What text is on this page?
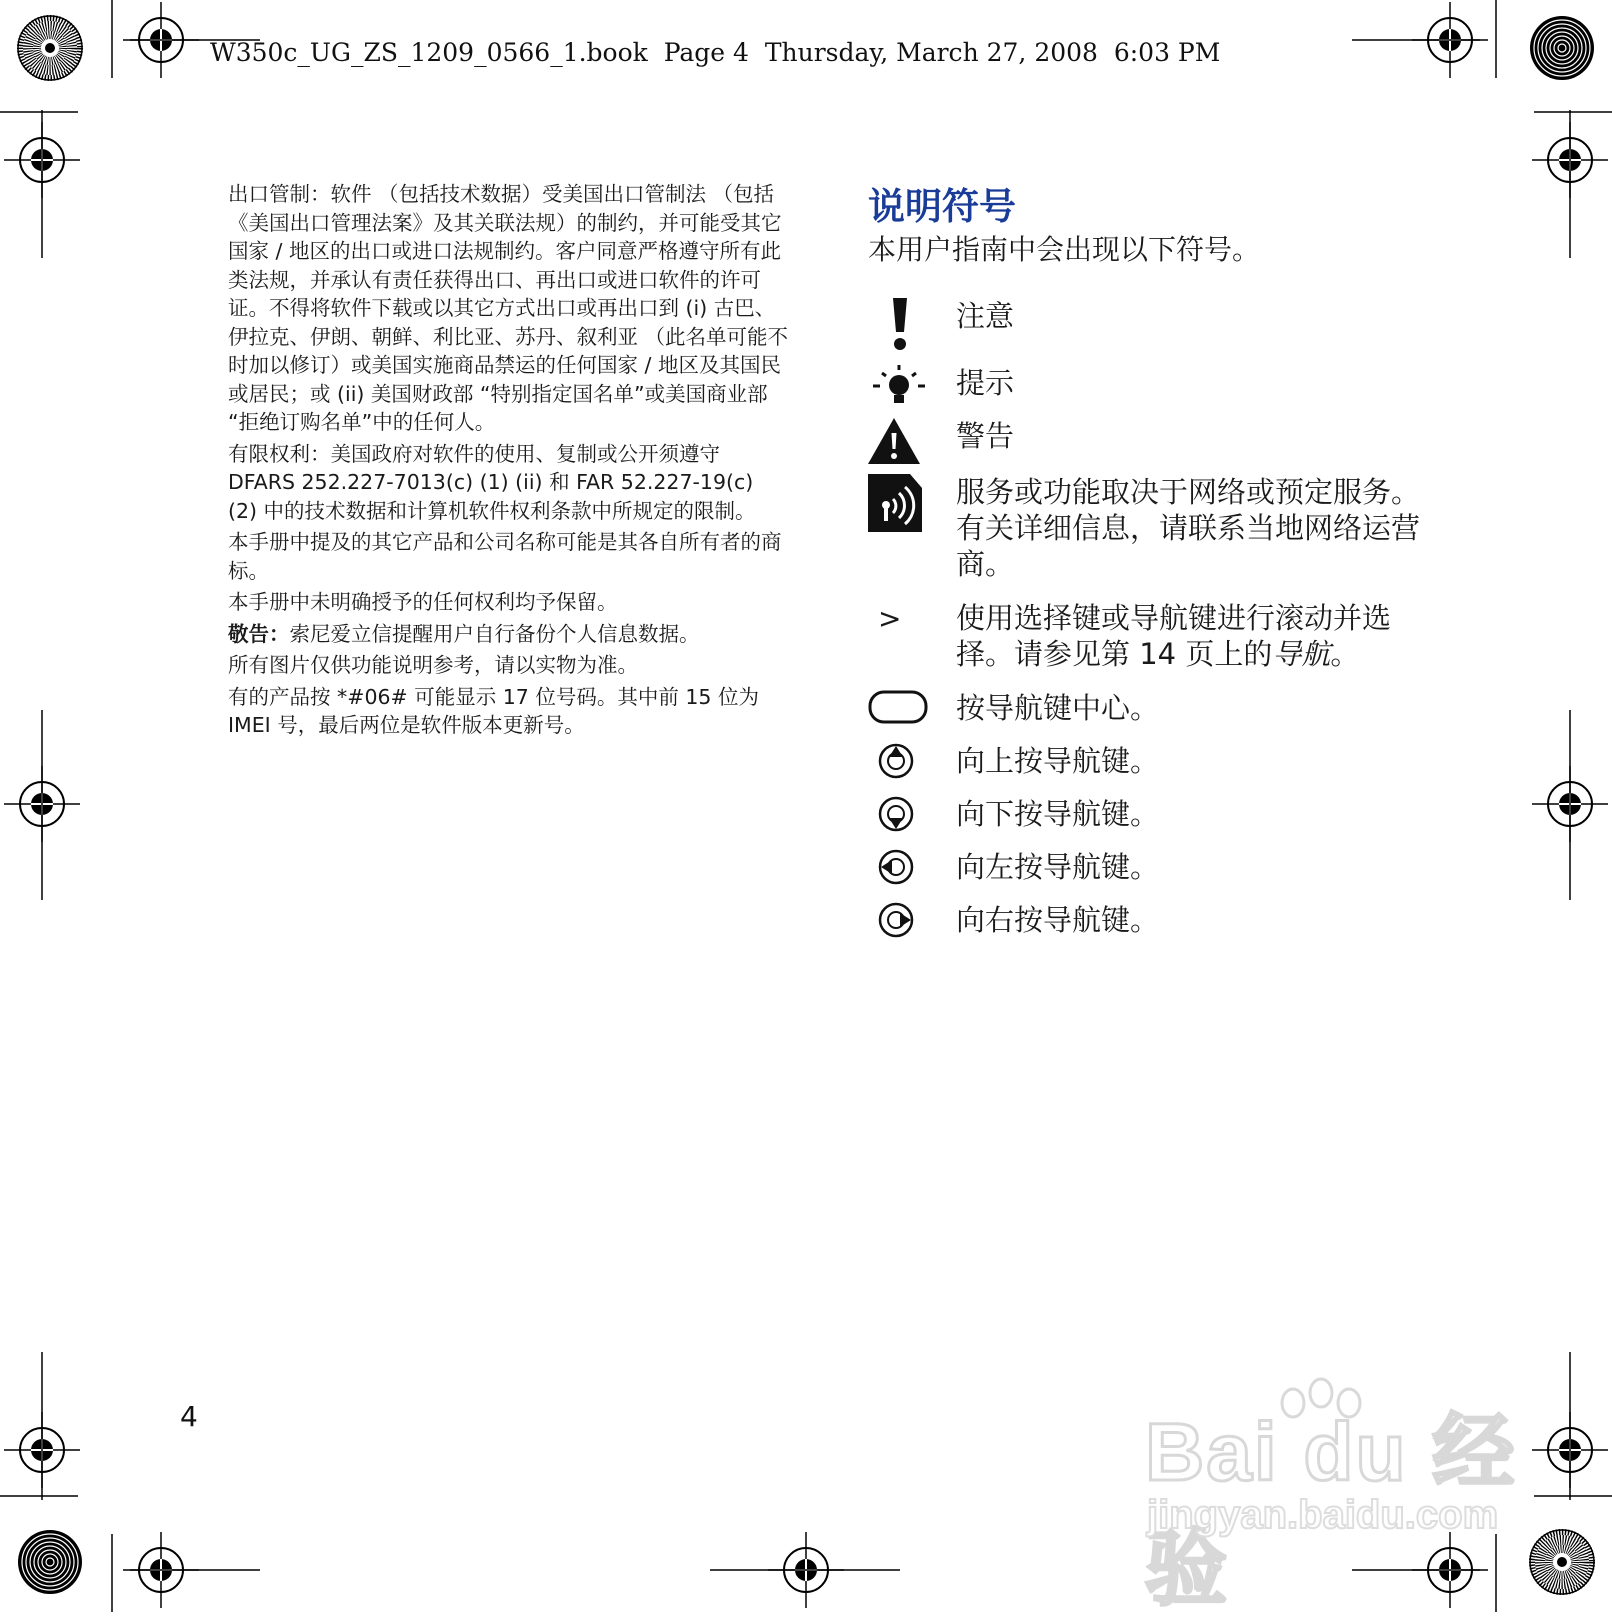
W350c_UG_ZS_1209_0566_1.book  Page 4  Thursday, March 27, 2008  6:03 PM

出口管制：软件 （包括技术数据）受美国出口管制法 （包括 《美国出口管理法案》及其关联法规）的制约，并可能受其它国家 / 地区的出口或进口法规制约。客户同意严格遵守所有此类法规，并承认有责任获得出口、再出口或进口软件的许可证。不得将软件下载或以其它方式出口或再出口到 (i) 古巴、伊拉克、伊朗、朝鲜、利比亚、苏丹、叙利亚 （此名单可能不时加以修订）或美国实施商品禁运的任何国家 / 地区及其国民或居民；或 (ii) 美国财政部 “特别指定国名单”或美国商业部 “拒绝订购名单”中的任何人。

有限权利：美国政府对软件的使用、复制或公开须遵守 DFARS 252.227-7013(c) (1) (ii) 和 FAR 52.227-19(c) (2) 中的技术数据和计算机软件权利条款中所规定的限制。

本手册中提及的其它产品和公司名称可能是其各自所有者的商标。

本手册中未明确授予的任何权利均予保留。

敬告：索尼爱立信提醒用户自行备份个人信息数据。

所有图片仅供功能说明参考，请以实物为准。

有的产品按 *#06# 可能显示 17 位号码。其中前 15 位为 IMEI 号，最后两位是软件版本更新号。

说明符号

本用户指南中会出现以下符号。

注意
提示
警告
服务或功能取决于网络或预定服务。有关详细信息，请联系当地网络运营商。
> 使用选择键或导航键进行滚动并选择。请参见第 14 页上的导航。
按导航键中心。
向上按导航键。
向下按导航键。
向左按导航键。
向右按导航键。
4	Bai du 经验
jingyan.baidu.com
